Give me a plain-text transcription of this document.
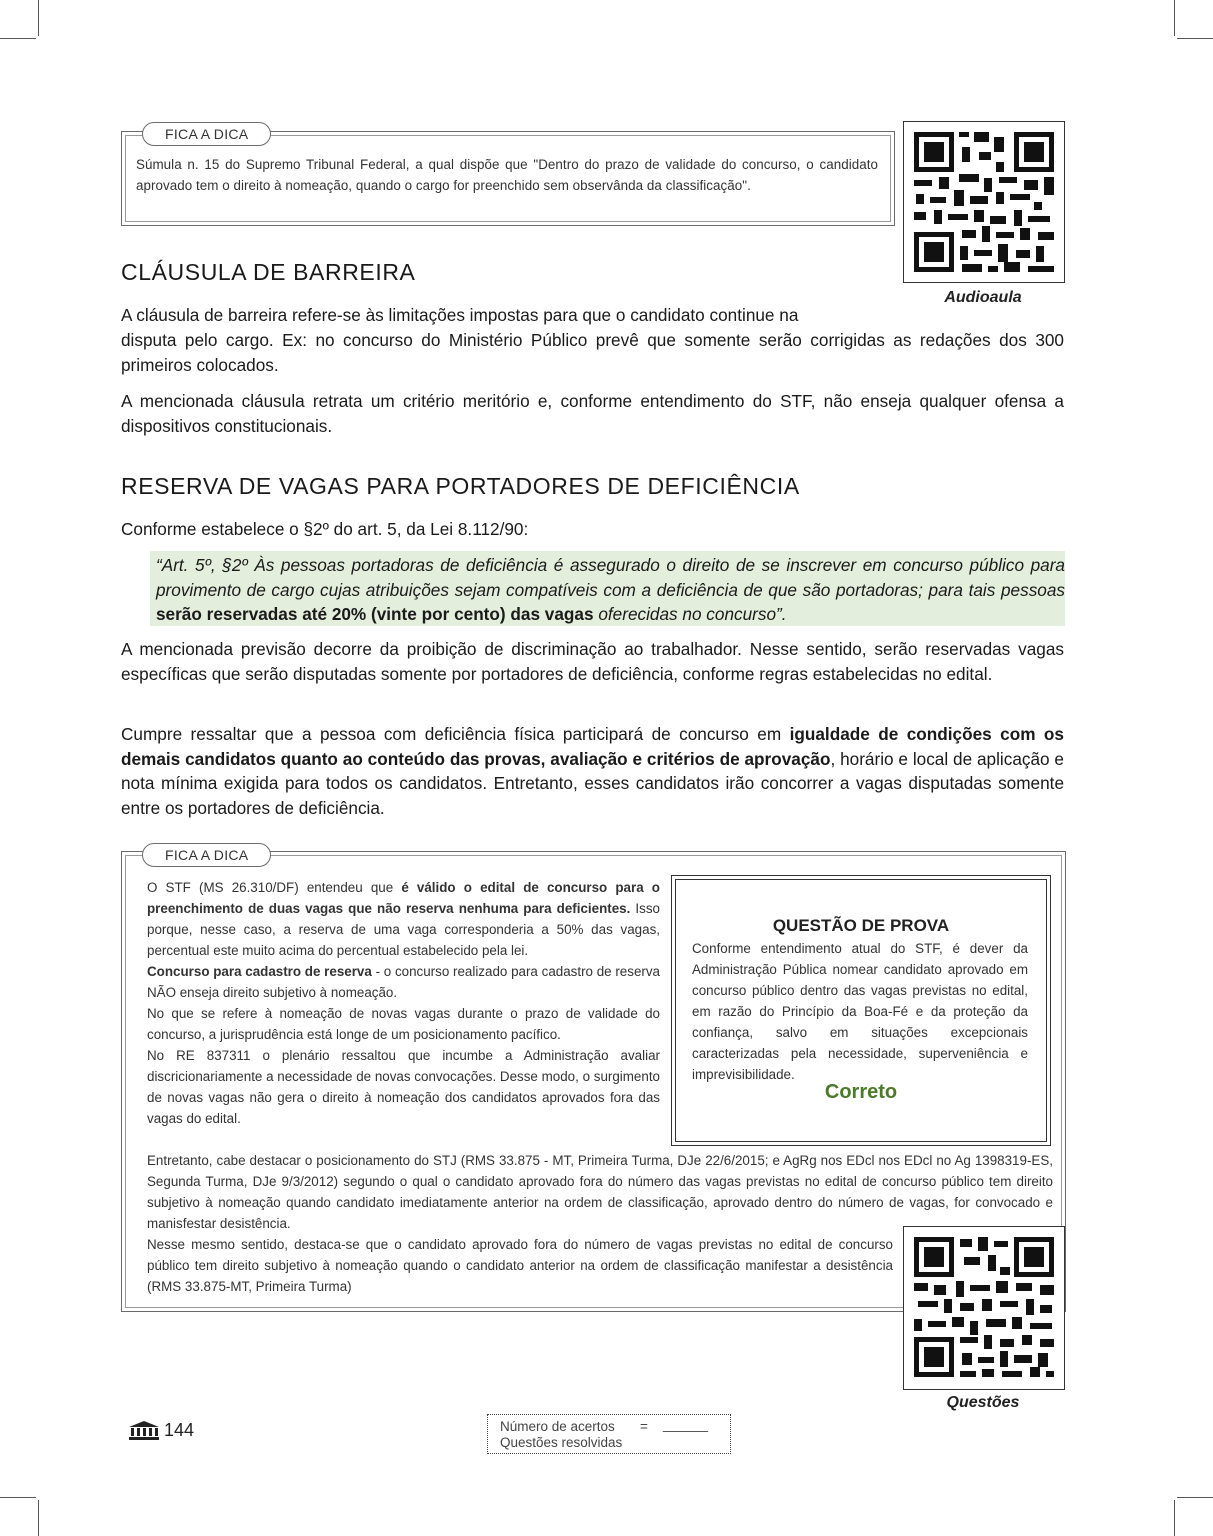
FICA A DICA
Súmula n. 15 do Supremo Tribunal Federal, a qual dispõe que "Dentro do prazo de validade do concurso, o candidato aprovado tem o direito à nomeação, quando o cargo for preenchido sem observânda da classificação".
Audioaula
CLÁUSULA DE BARREIRA
A cláusula de barreira refere-se às limitações impostas para que o candidato continue na
disputa pelo cargo. Ex: no concurso do Ministério Público prevê que somente serão corrigidas as redações dos 300 primeiros colocados.
A mencionada cláusula retrata um critério meritório e, conforme entendimento do STF, não enseja qualquer ofensa a dispositivos constitucionais.
RESERVA DE VAGAS PARA PORTADORES DE DEFICIÊNCIA
Conforme estabelece o §2º do art. 5, da Lei 8.112/90:
“Art. 5º, §2º Às pessoas portadoras de deficiência é assegurado o direito de se inscrever em concurso público para provimento de cargo cujas atribuições sejam compatíveis com a deficiência de que são portadoras; para tais pessoas serão reservadas até 20% (vinte por cento) das vagas oferecidas no concurso”.
A mencionada previsão decorre da proibição de discriminação ao trabalhador. Nesse sentido, serão reservadas vagas específicas que serão disputadas somente por portadores de deficiência, conforme regras estabelecidas no edital.
Cumpre ressaltar que a pessoa com deficiência física participará de concurso em igualdade de condições com os demais candidatos quanto ao conteúdo das provas, avaliação e critérios de aprovação, horário e local de aplicação e nota mínima exigida para todos os candidatos. Entretanto, esses candidatos irão concorrer a vagas disputadas somente entre os portadores de deficiência.
FICA A DICA

O STF (MS 26.310/DF) entendeu que é válido o edital de concurso para o preenchimento de duas vagas que não reserva nenhuma para deficientes. Isso porque, nesse caso, a reserva de uma vaga corresponderia a 50% das vagas, percentual este muito acima do percentual estabelecido pela lei.

Concurso para cadastro de reserva - o concurso realizado para cadastro de reserva NÃO enseja direito subjetivo à nomeação.

No que se refere à nomeação de novas vagas durante o prazo de validade do concurso, a jurisprudência está longe de um posicionamento pacífico.

No RE 837311 o plenário ressaltou que incumbe a Administração avaliar discricionariamente a necessidade de novas convocações. Desse modo, o surgimento de novas vagas não gera o direito à nomeação dos candidatos aprovados fora das vagas do edital.

QUESTÃO DE PROVA
Conforme entendimento atual do STF, é dever da Administração Pública nomear candidato aprovado em concurso público dentro das vagas previstas no edital, em razão do Princípio da Boa-Fé e da proteção da confiança, salvo em situações excepcionais caracterizadas pela necessidade, superveniência e imprevisibilidade.
Correto
Entretanto, cabe destacar o posicionamento do STJ (RMS 33.875 - MT, Primeira Turma, DJe 22/6/2015; e AgRg nos EDcl nos EDcl no Ag 1398319-ES, Segunda Turma, DJe 9/3/2012) segundo o qual o candidato aprovado fora do número das vagas previstas no edital de concurso público tem direito subjetivo à nomeação quando candidato imediatamente anterior na ordem de classificação, aprovado dentro do número de vagas, for convocado e manisfestar desistência.
Nesse mesmo sentido, destaca-se que o candidato aprovado fora do número de vagas previstas no edital de concurso público tem direito subjetivo à nomeação quando o candidato anterior na ordem de classificação manifestar a desistência (RMS 33.875-MT, Primeira Turma)
Questões
144	Número de acertos = ______
Questões resolvidas
